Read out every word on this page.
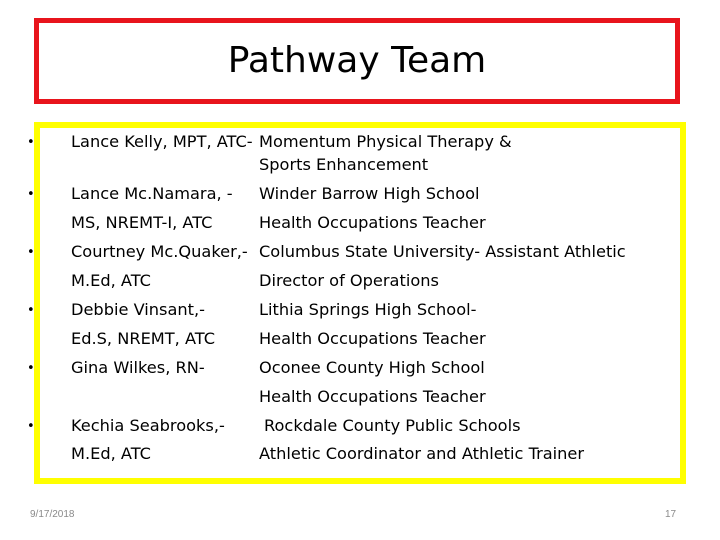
Pathway Team
•
•
•
•
•
•
Lance Kelly, MPT, ATC- Momentum Physical Therapy &
Sports Enhancement
Lance Mc.Namara, -
MS, NREMT-I, ATC
Winder Barrow High School
Health Occupations Teacher
Courtney Mc.Quaker,-
M.Ed, ATC
Columbus State University- Assistant Athletic
Director of Operations
Debbie Vinsant,-
Ed.S, NREMT, ATC
Lithia Springs High School-
Health Occupations Teacher
Gina Wilkes, RN-	Oconee County High School
Health Occupations Teacher
Kechia Seabrooks,-
M.Ed, ATC
Rockdale County Public Schools
Athletic Coordinator and Athletic Trainer
9/17/2018	17
